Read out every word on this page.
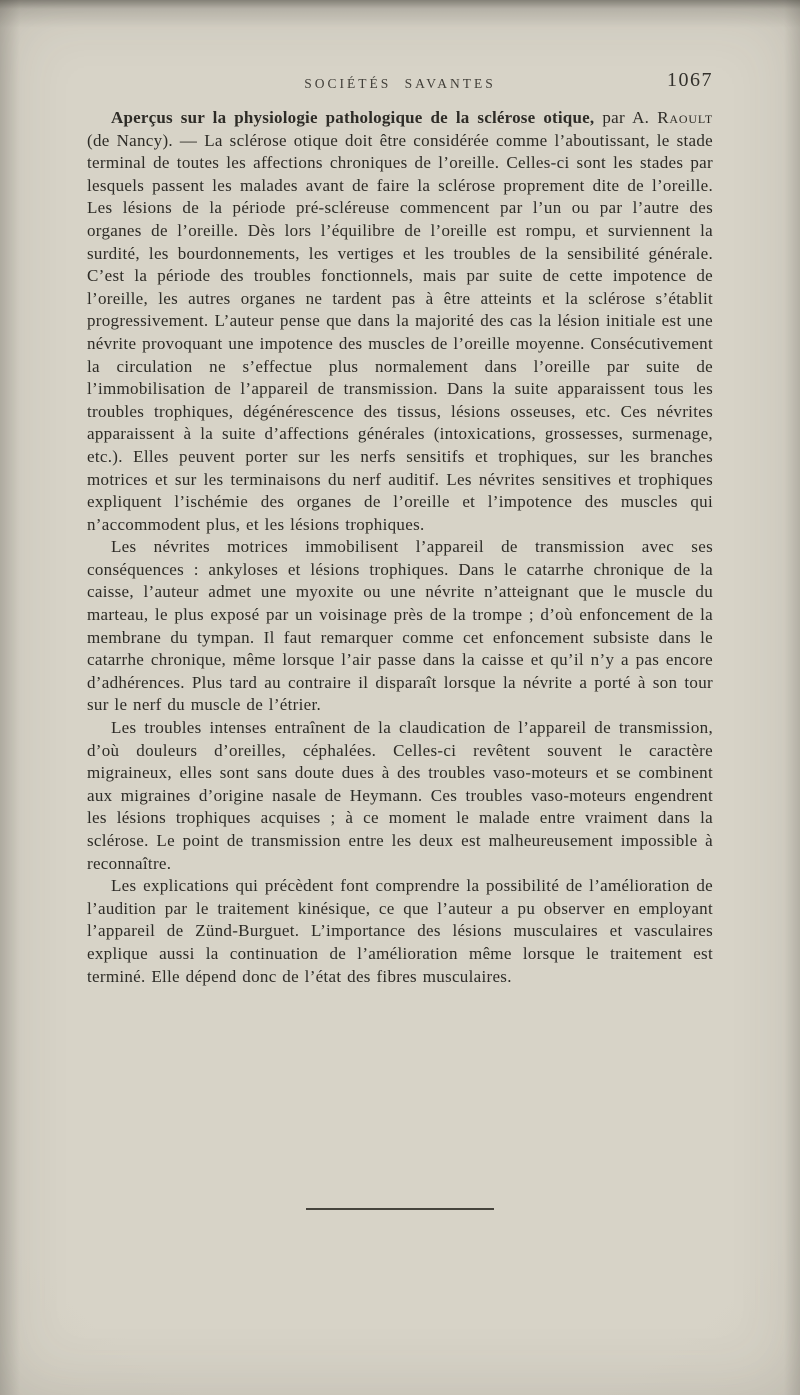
SOCIÉTÉS SAVANTES	1067

Aperçus sur la physiologie pathologique de la sclérose otique, par A. Raoult (de Nancy). — La sclérose otique doit être considérée comme l’aboutissant, le stade terminal de toutes les affections chroniques de l’oreille. Celles-ci sont les stades par lesquels passent les malades avant de faire la sclérose proprement dite de l’oreille. Les lésions de la période pré-scléreuse commencent par l’un ou par l’autre des organes de l’oreille. Dès lors l’équilibre de l’oreille est rompu, et surviennent la surdité, les bourdonnements, les vertiges et les troubles de la sensibilité générale. C’est la période des troubles fonctionnels, mais par suite de cette impotence de l’oreille, les autres organes ne tardent pas à être atteints et la sclérose s’établit progressivement. L’auteur pense que dans la majorité des cas la lésion initiale est une névrite provoquant une impotence des muscles de l’oreille moyenne. Consécutivement la circulation ne s’effectue plus normalement dans l’oreille par suite de l’immobilisation de l’appareil de transmission. Dans la suite apparaissent tous les troubles trophiques, dégénérescence des tissus, lésions osseuses, etc. Ces névrites apparaissent à la suite d’affections générales (intoxications, grossesses, surmenage, etc.). Elles peuvent porter sur les nerfs sensitifs et trophiques, sur les branches motrices et sur les terminaisons du nerf auditif. Les névrites sensitives et trophiques expliquent l’ischémie des organes de l’oreille et l’impotence des muscles qui n’accommodent plus, et les lésions trophiques.

Les névrites motrices immobilisent l’appareil de transmission avec ses conséquences : ankyloses et lésions trophiques. Dans le catarrhe chronique de la caisse, l’auteur admet une myoxite ou une névrite n’atteignant que le muscle du marteau, le plus exposé par un voisinage près de la trompe ; d’où enfoncement de la membrane du tympan. Il faut remarquer comme cet enfoncement subsiste dans le catarrhe chronique, même lorsque l’air passe dans la caisse et qu’il n’y a pas encore d’adhérences. Plus tard au contraire il disparaît lorsque la névrite a porté à son tour sur le nerf du muscle de l’étrier.

Les troubles intenses entraînent de la claudication de l’appareil de transmission, d’où douleurs d’oreilles, céphalées. Celles-ci revêtent souvent le caractère migraineux, elles sont sans doute dues à des troubles vaso-moteurs et se combinent aux migraines d’origine nasale de Heymann. Ces troubles vaso-moteurs engendrent les lésions trophiques acquises ; à ce moment le malade entre vraiment dans la sclérose. Le point de transmission entre les deux est malheureusement impossible à reconnaître.

Les explications qui précèdent font comprendre la possibilité de l’amélioration de l’audition par le traitement kinésique, ce que l’auteur a pu observer en employant l’appareil de Zünd-Burguet. L’importance des lésions musculaires et vasculaires explique aussi la continuation de l’amélioration même lorsque le traitement est terminé. Elle dépend donc de l’état des fibres musculaires.
